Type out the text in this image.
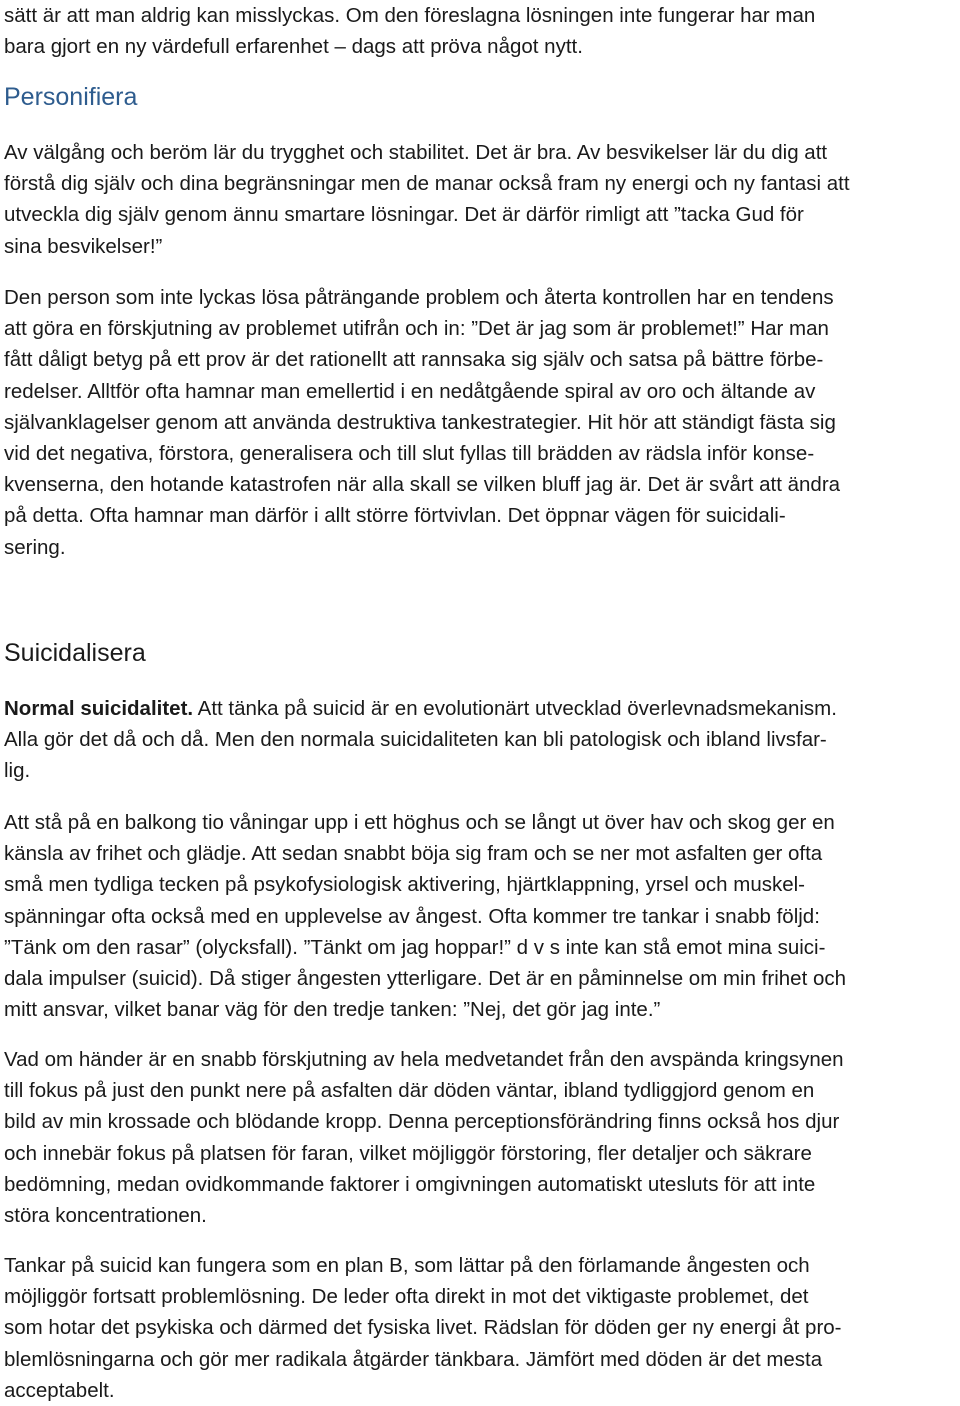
sätt är att man aldrig kan misslyckas. Om den föreslagna lösningen inte fungerar har man
bara gjort en ny värdefull erfarenhet – dags att pröva något nytt.
Personifiera
Av välgång och beröm lär du trygghet och stabilitet. Det är bra. Av besvikelser lär du dig att
förstå dig själv och dina begränsningar men de manar också fram ny energi och ny fantasi att
utveckla dig själv genom ännu smartare lösningar. Det är därför rimligt att ”tacka Gud för
sina besvikelser!”
Den person som inte lyckas lösa påträngande problem och återta kontrollen har en tendens
att göra en förskjutning av problemet utifrån och in: ”Det är jag som är problemet!” Har man
fått dåligt betyg på ett prov är det rationellt att rannsaka sig själv och satsa på bättre förbe-
redelser. Alltför ofta hamnar man emellertid i en nedåtgående spiral av oro och ältande av
självanklagelser genom att använda destruktiva tankestrategier. Hit hör att ständigt fästa sig
vid det negativa, förstora, generalisera och till slut fyllas till brädden av rädsla inför konse-
kvenserna, den hotande katastrofen när alla skall se vilken bluff jag är. Det är svårt att ändra
på detta. Ofta hamnar man därför i allt större förtvivlan. Det öppnar vägen för suicidali-
sering.
Suicidalisera
Normal suicidalitet. Att tänka på suicid är en evolutionärt utvecklad överlevnadsmekanism.
Alla gör det då och då. Men den normala suicidaliteten kan bli patologisk och ibland livsfar-
lig.
Att stå på en balkong tio våningar upp i ett höghus och se långt ut över hav och skog ger en
känsla av frihet och glädje. Att sedan snabbt böja sig fram och se ner mot asfalten ger ofta
små men tydliga tecken på psykofysiologisk aktivering, hjärtklappning, yrsel och muskel-
spänningar ofta också med en upplevelse av ångest. Ofta kommer tre tankar i snabb följd:
”Tänk om den rasar” (olycksfall). ”Tänkt om jag hoppar!” d v s inte kan stå emot mina suici-
dala impulser (suicid). Då stiger ångesten ytterligare. Det är en påminnelse om min frihet och
mitt ansvar, vilket banar väg för den tredje tanken: ”Nej, det gör jag inte.”
Vad om händer är en snabb förskjutning av hela medvetandet från den avspända kringsynen
till fokus på just den punkt nere på asfalten där döden väntar, ibland tydliggjord genom en
bild av min krossade och blödande kropp. Denna perceptionsförändring finns också hos djur
och innebär fokus på platsen för faran, vilket möjliggör förstoring, fler detaljer och säkrare
bedömning, medan ovidkommande faktorer i omgivningen automatiskt utesluts för att inte
störa koncentrationen.
Tankar på suicid kan fungera som en plan B, som lättar på den förlamande ångesten och
möjliggör fortsatt problemlösning. De leder ofta direkt in mot det viktigaste problemet, det
som hotar det psykiska och därmed det fysiska livet. Rädslan för döden ger ny energi åt pro-
blemlösningarna och gör mer radikala åtgärder tänkbara. Jämfört med döden är det mesta
acceptabelt.
